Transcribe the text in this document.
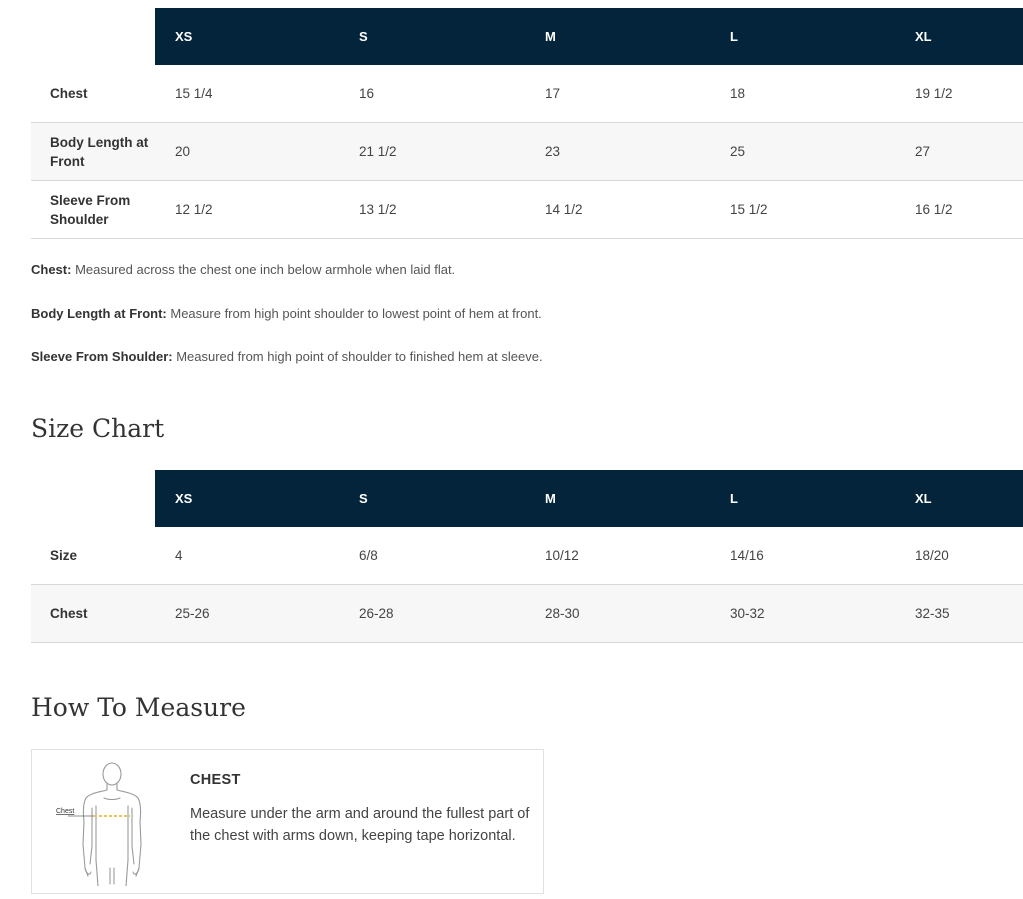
	XS	S	M	L	XL
Chest	15 1/4	16	17	18	19 1/2
Body Length at Front	20	21 1/2	23	25	27
Sleeve From Shoulder	12 1/2	13 1/2	14 1/2	15 1/2	16 1/2

Chest: Measured across the chest one inch below armhole when laid flat.

Body Length at Front: Measure from high point shoulder to lowest point of hem at front.

Sleeve From Shoulder: Measured from high point of shoulder to finished hem at sleeve.

Size Chart
	XS	S	M	L	XL
Size	4	6/8	10/12	14/16	18/20
Chest	25-26	26-28	28-30	30-32	32-35
How To Measure
Chest
CHEST
Measure under the arm and around the fullest part of the chest with arms down, keeping tape horizontal.
